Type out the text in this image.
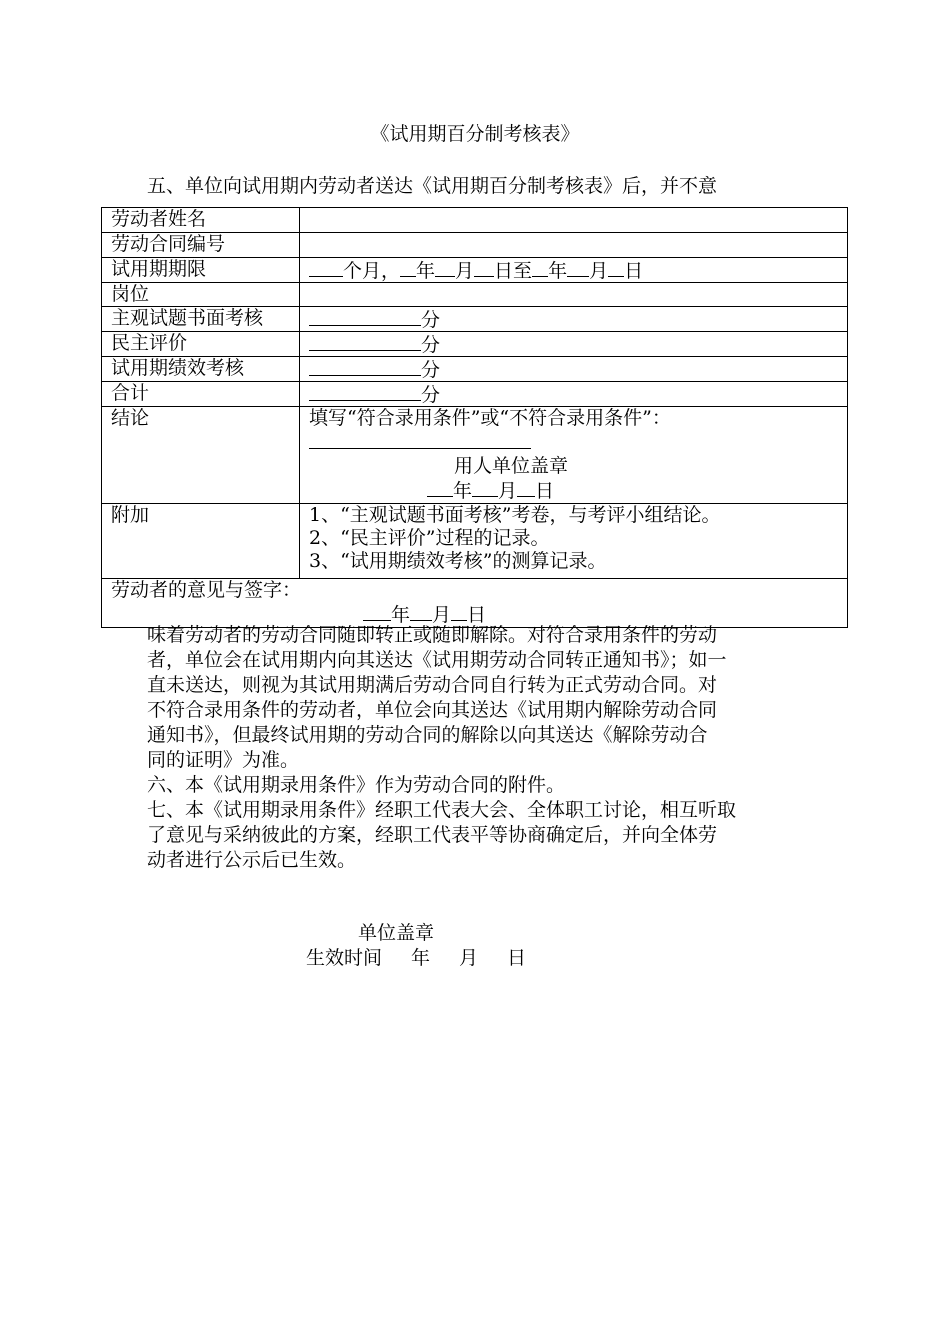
《试用期百分制考核表》
五、单位向试用期内劳动者送达《试用期百分制考核表》后，并不意
劳动者姓名	
劳动合同编号	
试用期期限	个月， 年 月 日至 年 月 日
岗位	
主观试题书面考核	分
民主评价	分
试用期绩效考核	分
合计	分
结论	填写“符合录用条件”或“不符合录用条件”：
用人单位盖章
年 月 日

附加	1、“主观试题书面考核”考卷，与考评小组结论。
2、“民主评价”过程的记录。
3、“试用期绩效考核”的测算记录。

劳动者的意见与签字：
年 月 日	
味着劳动者的劳动合同随即转正或随即解除。对符合录用条件的劳动
者，单位会在试用期内向其送达《试用期劳动合同转正通知书》；如一
直未送达，则视为其试用期满后劳动合同自行转为正式劳动合同。对
不符合录用条件的劳动者，单位会向其送达《试用期内解除劳动合同
通知书》，但最终试用期的劳动合同的解除以向其送达《解除劳动合
同的证明》为准。
六、本《试用期录用条件》作为劳动合同的附件。
七、本《试用期录用条件》经职工代表大会、全体职工讨论，相互听取
了意见与采纳彼此的方案，经职工代表平等协商确定后，并向全体劳
动者进行公示后已生效。
单位盖章
生效时间 年 月 日
